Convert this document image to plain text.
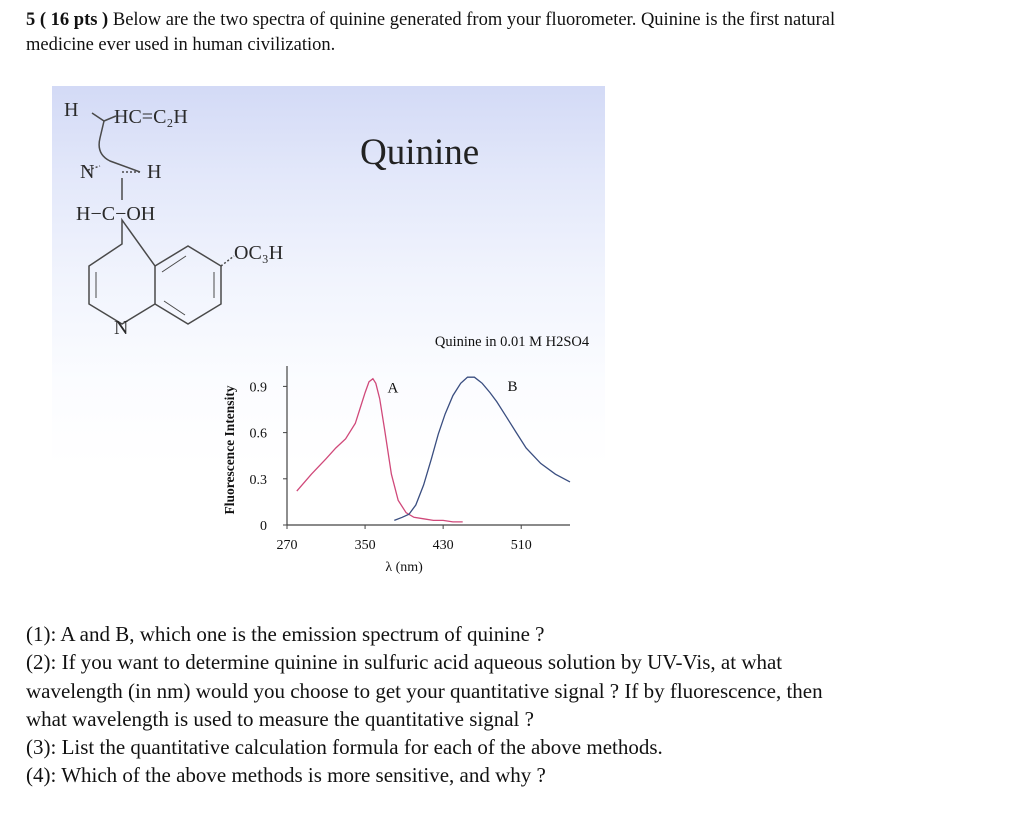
5 ( 16 pts ) Below are the two spectra of quinine generated from your fluorometer. Quinine is the first natural
medicine ever used in human civilization.
H HC=C₂H
N	H
H−C−OH
OC₃H
N
Quinine
Quinine in 0.01 M H2SO4
Fluorescence Intensity
λ (nm)
0
0.3
0.6
0.9
270	350	430	510
A	B

(1): A and B, which one is the emission spectrum of quinine ?

(2): If you want to determine quinine in sulfuric acid aqueous solution by UV-Vis, at what

wavelength (in nm) would you choose to get your quantitative signal ? If by fluorescence, then

what wavelength is used to measure the quantitative signal ?

(3): List the quantitative calculation formula for each of the above methods.

(4): Which of the above methods is more sensitive, and why ?
